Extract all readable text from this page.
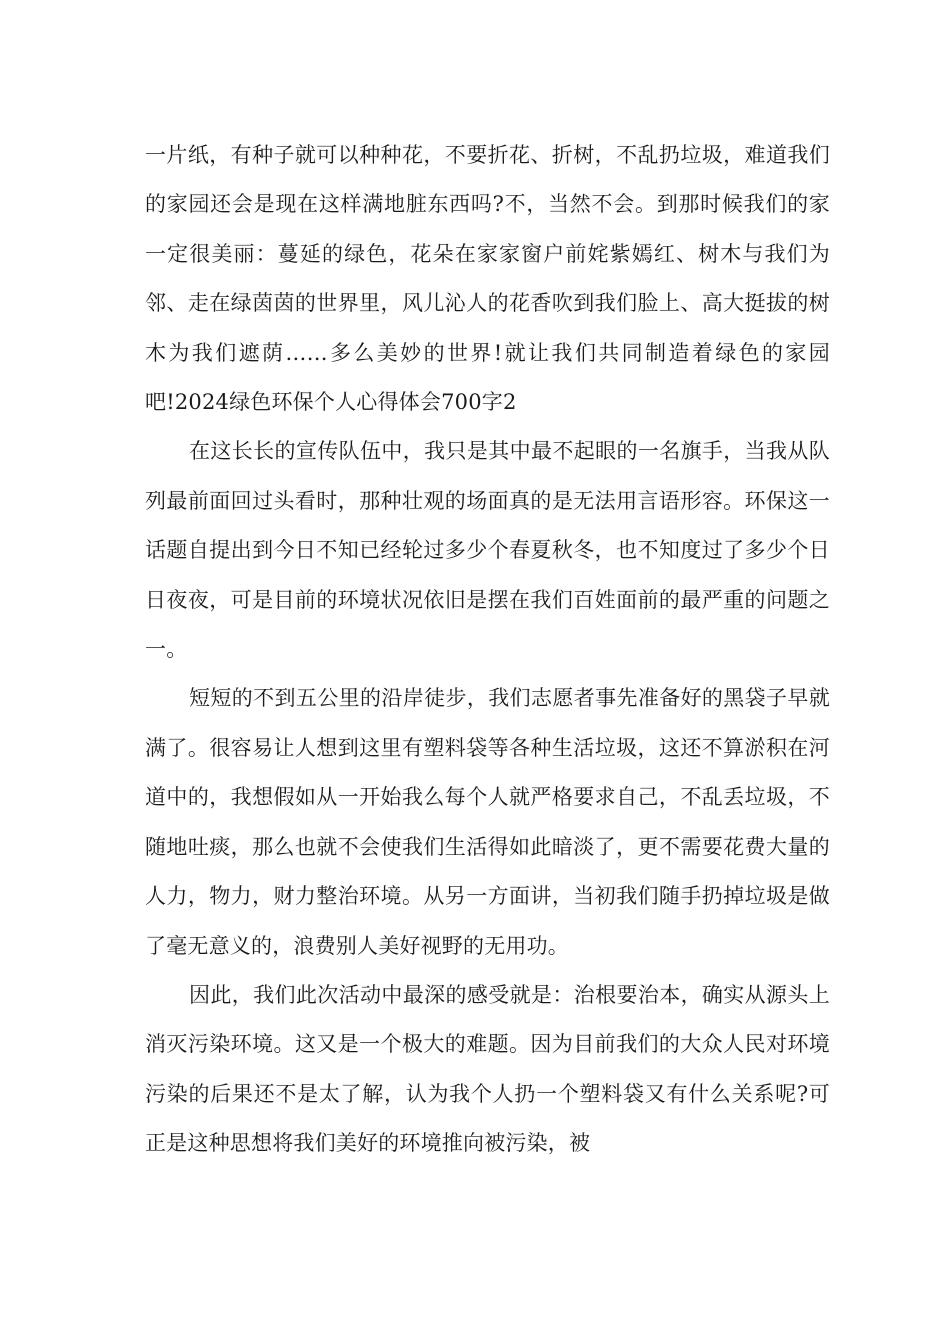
一片纸，有种子就可以种种花，不要折花、折树，不乱扔垃圾，难道我们的家园还会是现在这样满地脏东西吗?不，当然不会。到那时候我们的家一定很美丽：蔓延的绿色，花朵在家家窗户前姹紫嫣红、树木与我们为邻、走在绿茵茵的世界里，风儿沁人的花香吹到我们脸上、高大挺拔的树木为我们遮荫……多么美妙的世界!就让我们共同制造着绿色的家园吧!2024绿色环保个人心得体会700字2

在这长长的宣传队伍中，我只是其中最不起眼的一名旗手，当我从队列最前面回过头看时，那种壮观的场面真的是无法用言语形容。环保这一话题自提出到今日不知已经轮过多少个春夏秋冬，也不知度过了多少个日日夜夜，可是目前的环境状况依旧是摆在我们百姓面前的最严重的问题之一。

短短的不到五公里的沿岸徒步，我们志愿者事先准备好的黑袋子早就满了。很容易让人想到这里有塑料袋等各种生活垃圾，这还不算淤积在河道中的，我想假如从一开始我么每个人就严格要求自己，不乱丢垃圾，不随地吐痰，那么也就不会使我们生活得如此暗淡了，更不需要花费大量的人力，物力，财力整治环境。从另一方面讲，当初我们随手扔掉垃圾是做了毫无意义的，浪费别人美好视野的无用功。

因此，我们此次活动中最深的感受就是：治根要治本，确实从源头上消灭污染环境。这又是一个极大的难题。因为目前我们的大众人民对环境污染的后果还不是太了解，认为我个人扔一个塑料袋又有什么关系呢?可正是这种思想将我们美好的环境推向被污染，被
